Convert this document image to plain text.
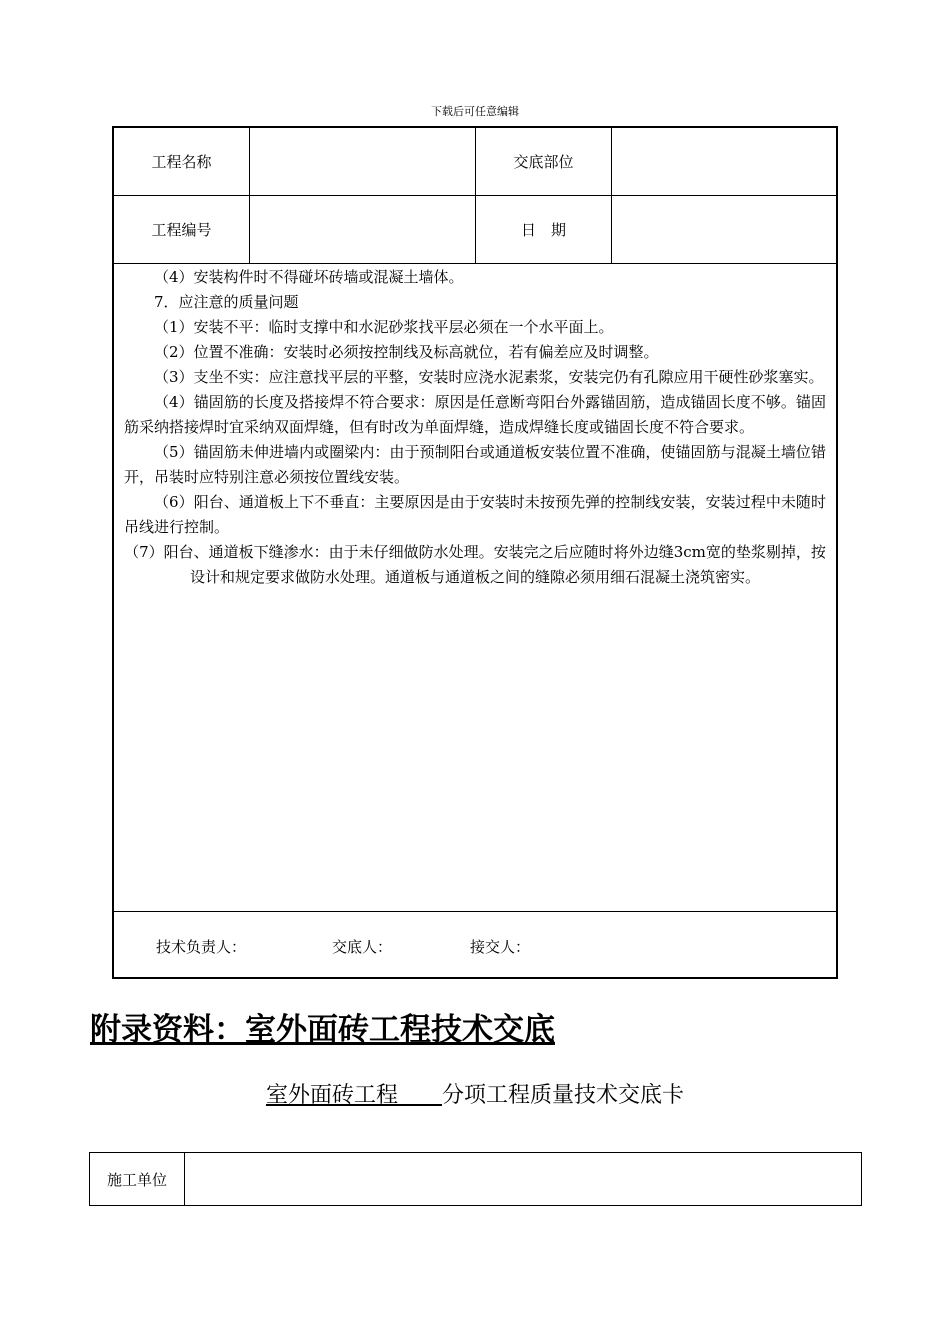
下载后可任意编辑
工程名称	交底部位
工程编号	日　期

（4）安装构件时不得碰坏砖墙或混凝土墙体。

7．应注意的质量问题

（1）安装不平：临时支撑中和水泥砂浆找平层必须在一个水平面上。

（2）位置不准确：安装时必须按控制线及标高就位，若有偏差应及时调整。

（3）支坐不实：应注意找平层的平整，安装时应浇水泥素浆，安装完仍有孔隙应用干硬性砂浆塞实。

（4）锚固筋的长度及搭接焊不符合要求：原因是任意断弯阳台外露锚固筋，造成锚固长度不够。锚固筋采纳搭接焊时宜采纳双面焊缝，但有时改为单面焊缝，造成焊缝长度或锚固长度不符合要求。

（5）锚固筋未伸进墙内或圈梁内：由于预制阳台或通道板安装位置不准确，使锚固筋与混凝土墙位错开，吊装时应特别注意必须按位置线安装。

（6）阳台、通道板上下不垂直：主要原因是由于安装时未按预先弹的控制线安装，安装过程中未随时吊线进行控制。

（7）阳台、通道板下缝渗水：由于未仔细做防水处理。安装完之后应随时将外边缝3cm宽的垫浆剔掉，按设计和规定要求做防水处理。通道板与通道板之间的缝隙必须用细石混凝土浇筑密实。

技术负责人：	交底人：	接交人：
附录资料：室外面砖工程技术交底
室外面砖工程　　分项工程质量技术交底卡
施工单位
